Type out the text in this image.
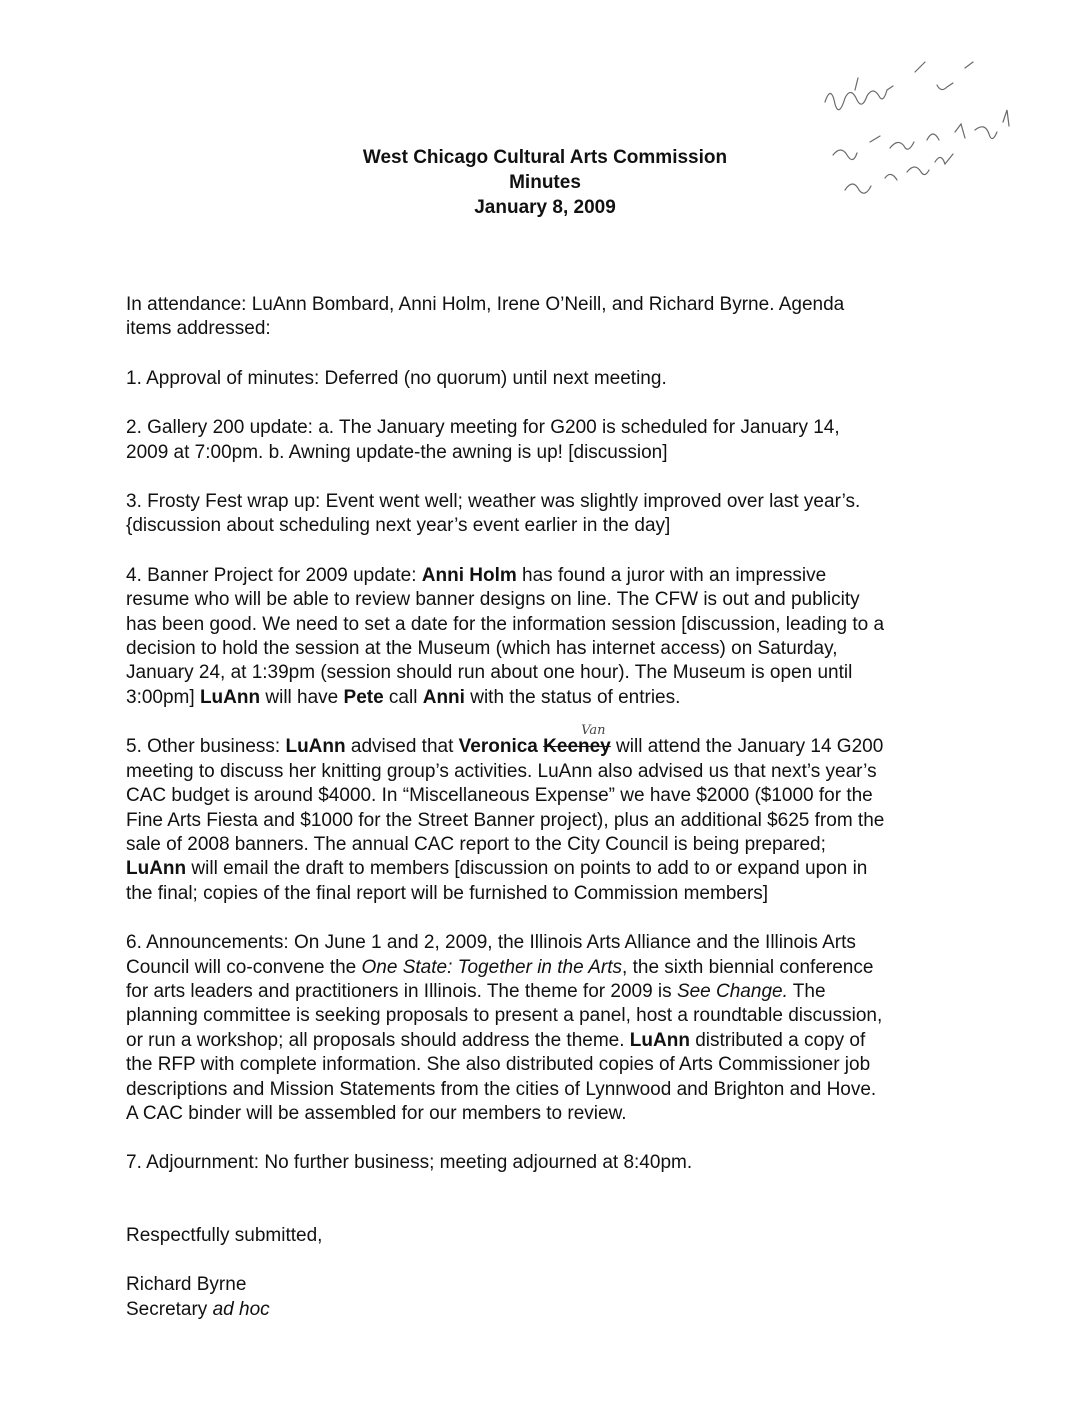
West Chicago Cultural Arts Commission
Minutes
January 8, 2009

In attendance: LuAnn Bombard, Anni Holm, Irene O’Neill, and Richard Byrne. Agenda
items addressed:

1. Approval of minutes: Deferred (no quorum) until next meeting.

2. Gallery 200 update: a. The January meeting for G200 is scheduled for January 14,
2009 at 7:00pm. b. Awning update-the awning is up! [discussion]

3. Frosty Fest wrap up: Event went well; weather was slightly improved over last year’s.
{discussion about scheduling next year’s event earlier in the day]

4. Banner Project for 2009 update: Anni Holm has found a juror with an impressive
resume who will be able to review banner designs on line. The CFW is out and publicity
has been good. We need to set a date for the information session [discussion, leading to a
decision to hold the session at the Museum (which has internet access) on Saturday,
January 24, at 1:39pm (session should run about one hour). The Museum is open until
3:00pm] LuAnn will have Pete call Anni with the status of entries.

5. Other business: LuAnn advised that Veronica
Van
Keeney will attend the January 14 G200
meeting to discuss her knitting group’s activities. LuAnn also advised us that next’s year’s
CAC budget is around $4000. In “Miscellaneous Expense” we have $2000 ($1000 for the
Fine Arts Fiesta and $1000 for the Street Banner project), plus an additional $625 from the
sale of 2008 banners. The annual CAC report to the City Council is being prepared;
LuAnn will email the draft to members [discussion on points to add to or expand upon in
the final; copies of the final report will be furnished to Commission members]

6. Announcements: On June 1 and 2, 2009, the Illinois Arts Alliance and the Illinois Arts
Council will co-convene the One State: Together in the Arts, the sixth biennial conference
for arts leaders and practitioners in Illinois. The theme for 2009 is See Change. The
planning committee is seeking proposals to present a panel, host a roundtable discussion,
or run a workshop; all proposals should address the theme. LuAnn distributed a copy of
the RFP with complete information. She also distributed copies of Arts Commissioner job
descriptions and Mission Statements from the cities of Lynnwood and Brighton and Hove.
A CAC binder will be assembled for our members to review.

7. Adjournment: No further business; meeting adjourned at 8:40pm.

Respectfully submitted,
Richard Byrne
Secretary ad hoc
